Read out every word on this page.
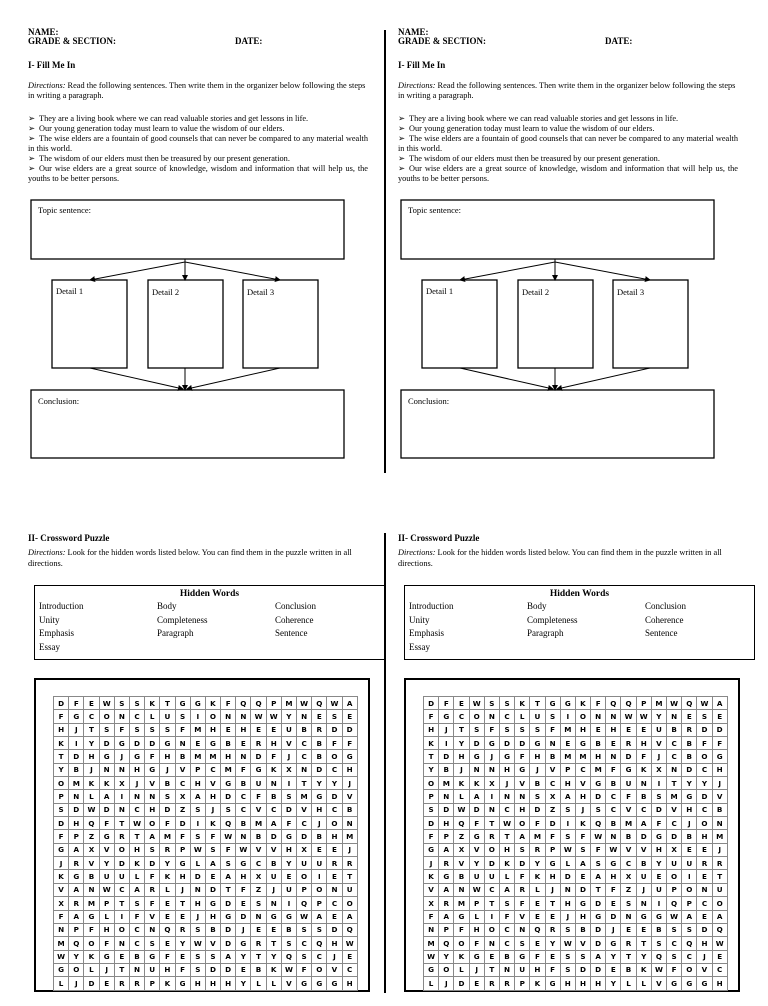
NAME:
GRADE & SECTION:	DATE:
I- Fill Me In
Directions: Read the following sentences. Then write them in the organizer below following the steps in writing a paragraph.
➢ They are a living book where we can read valuable stories and get lessons in life.
➢ Our young generation today must learn to value the wisdom of our elders.
➢ The wise elders are a fountain of good counsels that can never be compared to any material wealth in this world.
➢ The wisdom of our elders must then be treasured by our present generation.
➢ Our wise elders are a great source of knowledge, wisdom and information that will help us, the youths to be better persons.
Topic sentence:
Detail 1	Detail 2	Detail 3
Conclusion:
II- Crossword Puzzle
Directions: Look for the hidden words listed below. You can find them in the puzzle written in all directions.
Hidden Words
Introduction	Body	Conclusion
Unity	Completeness	Coherence
Emphasis	Paragraph	Sentence
Essay
D	F	E	W	S	S	K	T	G	G	K	F	Q	Q	P	M	W	Q	W	A
F	G	C	O	N	C	L	U	S	I	O	N	N	W	W	Y	N	E	S	E
H	J	T	S	F	S	S	S	F	M	H	E	H	E	E	U	B	R	D	D
K	I	Y	D	G	D	D	G	N	E	G	B	E	R	H	V	C	B	F	F
T	D	H	G	J	G	F	H	B	M	M	H	N	D	F	J	C	B	O	G
Y	B	J	N	N	H	G	J	V	P	C	M	F	G	K	X	N	D	C	H
O	M	K	K	X	J	V	B	C	H	V	G	B	U	N	I	T	Y	Y	J
P	N	L	A	I	N	N	S	X	A	H	D	C	F	B	S	M	G	D	V
S	D	W	D	N	C	H	D	Z	S	J	S	C	V	C	D	V	H	C	B
D	H	Q	F	T	W	O	F	D	I	K	Q	B	M	A	F	C	J	O	N
F	P	Z	G	R	T	A	M	F	S	F	W	N	B	D	G	D	B	H	M
G	A	X	V	O	H	S	R	P	W	S	F	W	V	V	H	X	E	E	J
J	R	V	Y	D	K	D	Y	G	L	A	S	G	C	B	Y	U	U	R	R
K	G	B	U	U	L	F	K	H	D	E	A	H	X	U	E	O	I	E	T
V	A	N	W	C	A	R	L	J	N	D	T	F	Z	J	U	P	O	N	U
X	R	M	P	T	S	F	E	T	H	G	D	E	S	N	I	Q	P	C	O
F	A	G	L	I	F	V	E	E	J	H	G	D	N	G	G	W	A	E	A
N	P	F	H	O	C	N	Q	R	S	B	D	J	E	E	B	S	S	D	Q
M	Q	O	F	N	C	S	E	Y	W	V	D	G	R	T	S	C	Q	H	W
W	Y	K	G	E	B	G	F	E	S	S	A	Y	T	Y	Q	S	C	J	E
G	O	L	J	T	N	U	H	F	S	D	D	E	B	K	W	F	O	V	C
L	J	D	E	R	R	P	K	G	H	H	H	Y	L	L	V	G	G	G	H
NAME:
GRADE & SECTION:	DATE:
I- Fill Me In
Directions: Read the following sentences. Then write them in the organizer below following the steps in writing a paragraph.
➢ They are a living book where we can read valuable stories and get lessons in life.
➢ Our young generation today must learn to value the wisdom of our elders.
➢ The wise elders are a fountain of good counsels that can never be compared to any material wealth in this world.
➢ The wisdom of our elders must then be treasured by our present generation.
➢ Our wise elders are a great source of knowledge, wisdom and information that will help us, the youths to be better persons.
Topic sentence:
Detail 1	Detail 2	Detail 3
Conclusion:
II- Crossword Puzzle
Directions: Look for the hidden words listed below. You can find them in the puzzle written in all directions.
Hidden Words
Introduction	Body	Conclusion
Unity	Completeness	Coherence
Emphasis	Paragraph	Sentence
Essay
D	F	E	W	S	S	K	T	G	G	K	F	Q	Q	P	M	W	Q	W	A
F	G	C	O	N	C	L	U	S	I	O	N	N	W	W	Y	N	E	S	E
H	J	T	S	F	S	S	S	F	M	H	E	H	E	E	U	B	R	D	D
K	I	Y	D	G	D	D	G	N	E	G	B	E	R	H	V	C	B	F	F
T	D	H	G	J	G	F	H	B	M	M	H	N	D	F	J	C	B	O	G
Y	B	J	N	N	H	G	J	V	P	C	M	F	G	K	X	N	D	C	H
O	M	K	K	X	J	V	B	C	H	V	G	B	U	N	I	T	Y	Y	J
P	N	L	A	I	N	N	S	X	A	H	D	C	F	B	S	M	G	D	V
S	D	W	D	N	C	H	D	Z	S	J	S	C	V	C	D	V	H	C	B
D	H	Q	F	T	W	O	F	D	I	K	Q	B	M	A	F	C	J	O	N
F	P	Z	G	R	T	A	M	F	S	F	W	N	B	D	G	D	B	H	M
G	A	X	V	O	H	S	R	P	W	S	F	W	V	V	H	X	E	E	J
J	R	V	Y	D	K	D	Y	G	L	A	S	G	C	B	Y	U	U	R	R
K	G	B	U	U	L	F	K	H	D	E	A	H	X	U	E	O	I	E	T
V	A	N	W	C	A	R	L	J	N	D	T	F	Z	J	U	P	O	N	U
X	R	M	P	T	S	F	E	T	H	G	D	E	S	N	I	Q	P	C	O
F	A	G	L	I	F	V	E	E	J	H	G	D	N	G	G	W	A	E	A
N	P	F	H	O	C	N	Q	R	S	B	D	J	E	E	B	S	S	D	Q
M	Q	O	F	N	C	S	E	Y	W	V	D	G	R	T	S	C	Q	H	W
W	Y	K	G	E	B	G	F	E	S	S	A	Y	T	Y	Q	S	C	J	E
G	O	L	J	T	N	U	H	F	S	D	D	E	B	K	W	F	O	V	C
L	J	D	E	R	R	P	K	G	H	H	H	Y	L	L	V	G	G	G	H
